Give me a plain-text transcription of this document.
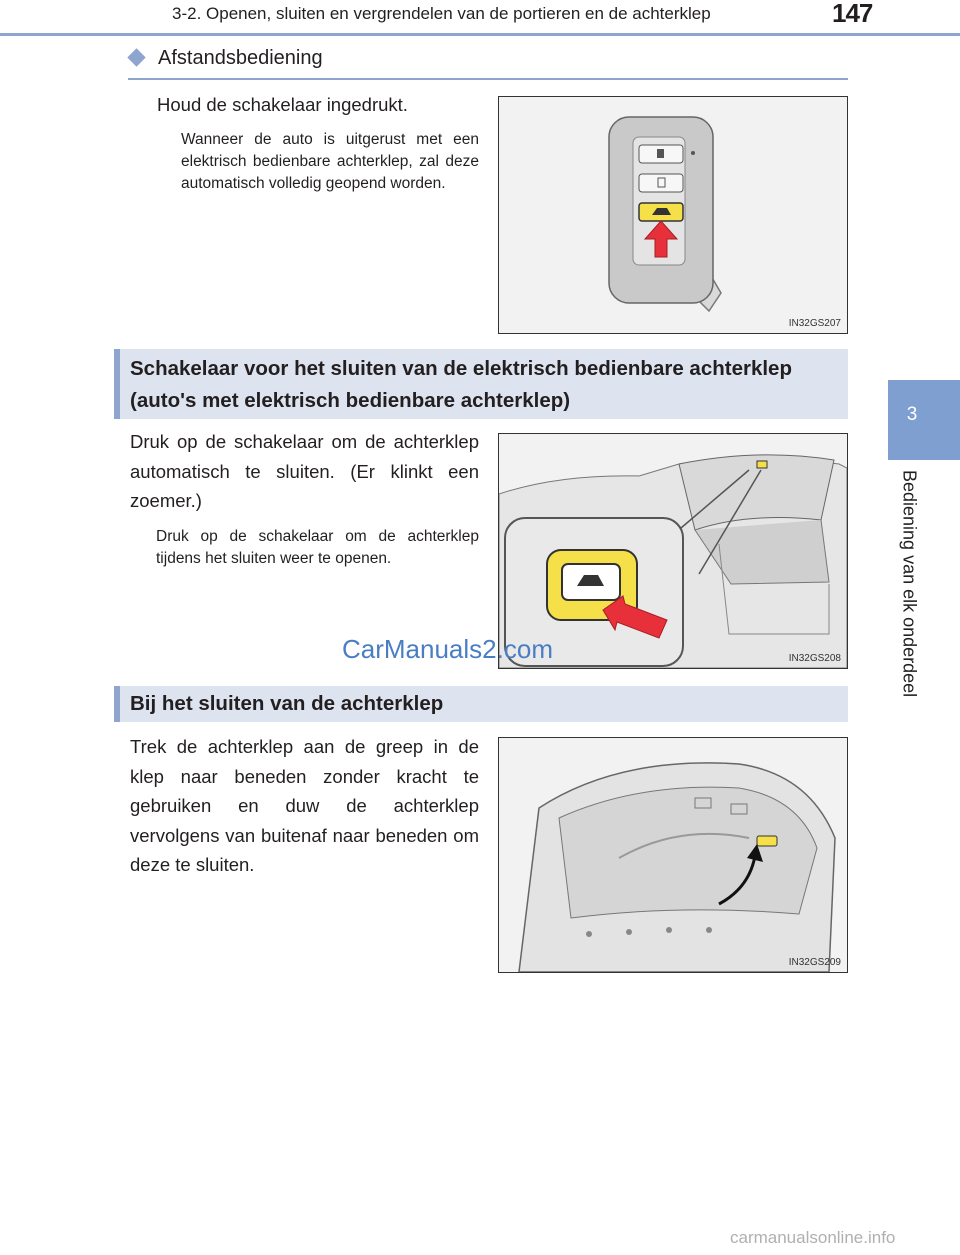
3-2. Openen, sluiten en vergrendelen van de portieren en de achterklep	147
3
Bediening van elk onderdeel
Afstandsbediening
Houd de schakelaar ingedrukt.
Wanneer de auto is uitgerust met een elektrisch bedienbare achterklep, zal deze automatisch volledig geopend worden.
IN32GS207
Schakelaar voor het sluiten van de elektrisch bedienbare achterklep (auto's met elektrisch bedienbare achterklep)
Druk op de schakelaar om de achterklep automatisch te sluiten. (Er klinkt een zoemer.)
Druk op de schakelaar om de achterklep tijdens het sluiten weer te openen.
IN32GS208
CarManuals2.com
Bij het sluiten van de achterklep
Trek de achterklep aan de greep in de klep naar beneden zonder kracht te gebruiken en duw de achterklep vervolgens van buitenaf naar beneden om deze te sluiten.
IN32GS209
carmanualsonline.info
